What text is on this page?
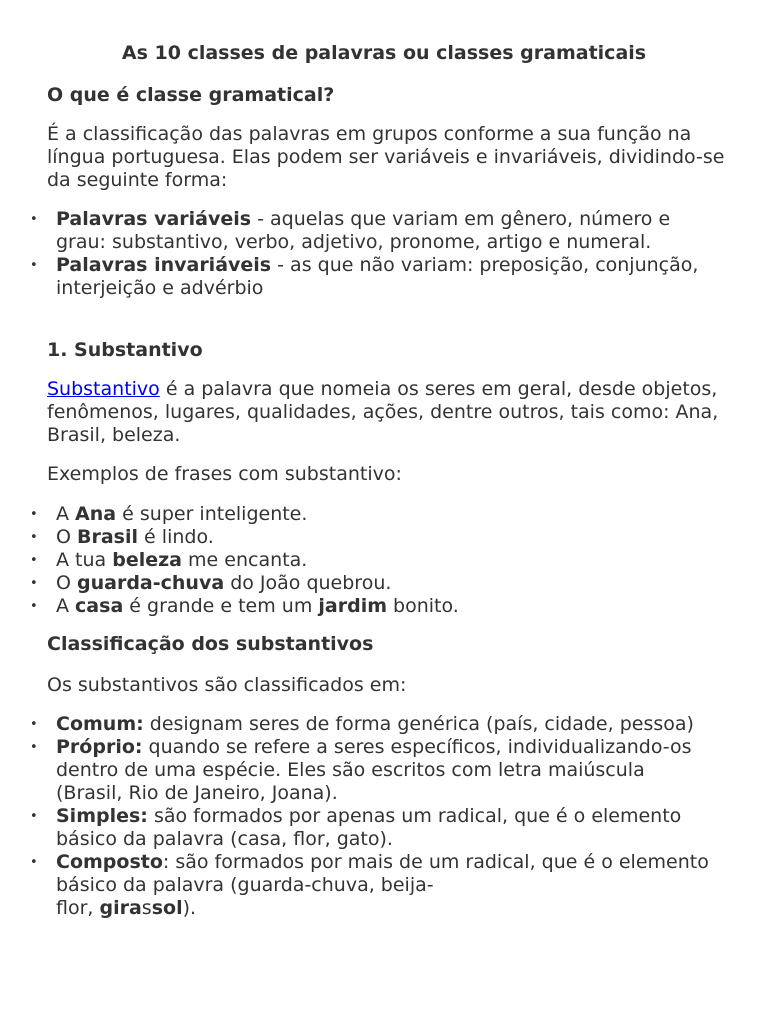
As 10 classes de palavras ou classes gramaticais
O que é classe gramatical?

É a classificação das palavras em grupos conforme a sua função na língua portuguesa. Elas podem ser variáveis e invariáveis, dividindo-se da seguinte forma:

• Palavras variáveis - aquelas que variam em gênero, número e grau: substantivo, verbo, adjetivo, pronome, artigo e numeral.
• Palavras invariáveis - as que não variam: preposição, conjunção, interjeição e advérbio
1. Substantivo

Substantivo é a palavra que nomeia os seres em geral, desde objetos, fenômenos, lugares, qualidades, ações, dentre outros, tais como: Ana, Brasil, beleza.

Exemplos de frases com substantivo:

• A Ana é super inteligente.
• O Brasil é lindo.
• A tua beleza me encanta.
• O guarda-chuva do João quebrou.
• A casa é grande e tem um jardim bonito.
Classificação dos substantivos

Os substantivos são classificados em:

• Comum: designam seres de forma genérica (país, cidade, pessoa)
• Próprio: quando se refere a seres específicos, individualizando-os dentro de uma espécie. Eles são escritos com letra maiúscula (Brasil, Rio de Janeiro, Joana).
• Simples: são formados por apenas um radical, que é o elemento básico da palavra (casa, flor, gato).
• Composto: são formados por mais de um radical, que é o elemento básico da palavra (guarda-chuva, beija-
flor, girassol).
